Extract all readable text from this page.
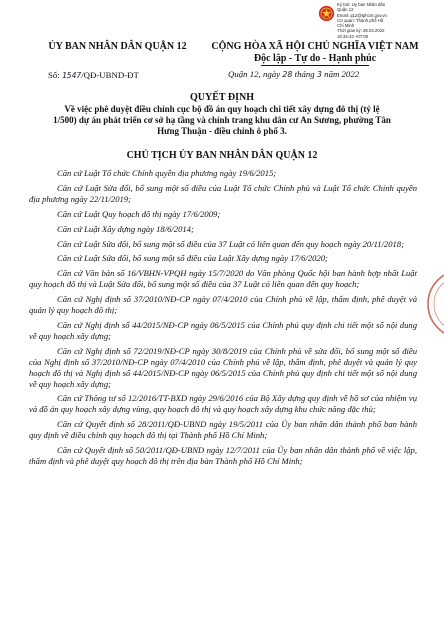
Ký bởi: Ủy ban Nhân dân
Quận 12
Email: q12@tphcm.gov.vn
Cơ quan: Thành phố Hồ
Chí Minh
Thời gian ký: 28.03.2022
15:34:43 +07:00
ỦY BAN NHÂN DÂN QUẬN 12	CỘNG HÒA XÃ HỘI CHỦ NGHĨA VIỆT NAM
Độc lập - Tự do - Hạnh phúc
Số: 1547/QĐ-UBND-ĐT	Quận 12, ngày 28 tháng 3 năm 2022
QUYẾT ĐỊNH
Về việc phê duyệt điều chỉnh cục bộ đồ án quy hoạch chi tiết xây dựng đô thị (tỷ lệ 1/500) dự án phát triển cơ sở hạ tầng và chỉnh trang khu dân cư An Sương, phường Tân Hưng Thuận - điều chỉnh ô phố 3.
CHỦ TỊCH ỦY BAN NHÂN DÂN QUẬN 12

Căn cứ Luật Tổ chức Chính quyền địa phương ngày 19/6/2015;

Căn cứ Luật Sửa đổi, bổ sung một số điều của Luật Tổ chức Chính phủ và Luật Tổ chức Chính quyền địa phương ngày 22/11/2019;

Căn cứ Luật Quy hoạch đô thị ngày 17/6/2009;

Căn cứ Luật Xây dựng ngày 18/6/2014;

Căn cứ Luật Sửa đổi, bổ sung một số điều của 37 Luật có liên quan đến quy hoạch ngày 20/11/2018;

Căn cứ Luật Sửa đổi, bổ sung một số điều của Luật Xây dựng ngày 17/6/2020;

Căn cứ Văn bản số 16/VBHN-VPQH ngày 15/7/2020 do Văn phòng Quốc hội ban hành hợp nhất Luật quy hoạch đô thị và Luật Sửa đổi, bổ sung một số điều của 37 Luật có liên quan đến quy hoạch;

Căn cứ Nghị định số 37/2010/NĐ-CP ngày 07/4/2010 của Chính phủ về lập, thẩm định, phê duyệt và quản lý quy hoạch đô thị;

Căn cứ Nghị định số 44/2015/NĐ-CP ngày 06/5/2015 của Chính phủ quy định chi tiết một số nội dung về quy hoạch xây dựng;

Căn cứ Nghị định số 72/2019/NĐ-CP ngày 30/8/2019 của Chính phủ về sửa đổi, bổ sung một số điều của Nghị định số 37/2010/NĐ-CP ngày 07/4/2010 của Chính phủ về lập, thẩm định, phê duyệt và quản lý quy hoạch đô thị và Nghị định số 44/2015/NĐ-CP ngày 06/5/2015 của Chính phủ quy định chi tiết một số nội dung về quy hoạch xây dựng;

Căn cứ Thông tư số 12/2016/TT-BXD ngày 29/6/2016 của Bộ Xây dựng quy định về hồ sơ của nhiệm vụ và đồ án quy hoạch xây dựng vùng, quy hoạch đô thị và quy hoạch xây dựng khu chức năng đặc thù;

Căn cứ Quyết định số 28/2011/QĐ-UBND ngày 19/5/2011 của Ủy ban nhân dân thành phố ban hành quy định về điều chỉnh quy hoạch đô thị tại Thành phố Hồ Chí Minh;

Căn cứ Quyết định số 50/2011/QĐ-UBND ngày 12/7/2011 của Ủy ban nhân dân thành phố về việc lập, thẩm định và phê duyệt quy hoạch đô thị trên địa bàn Thành phố Hồ Chí Minh;
